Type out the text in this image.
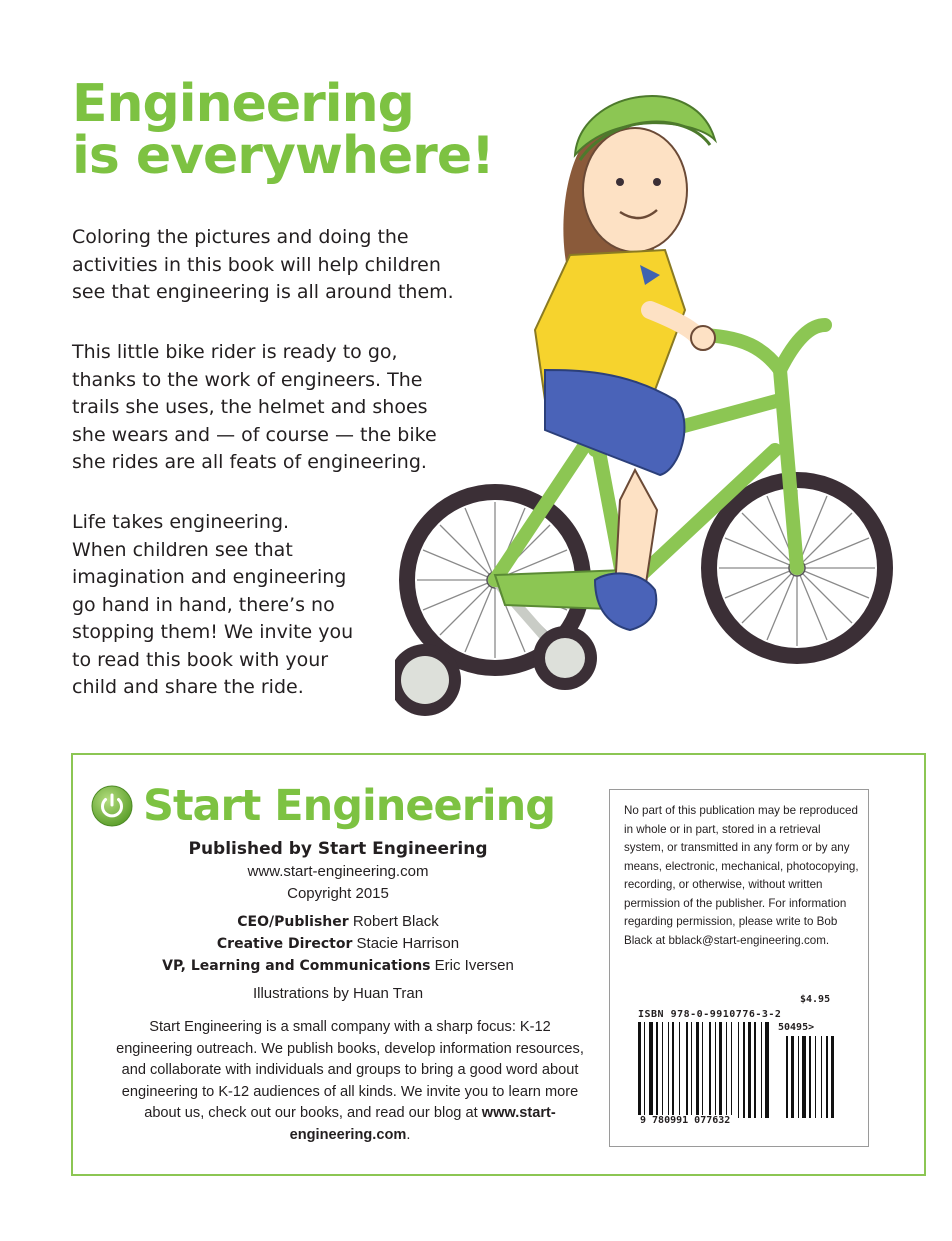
Engineering
is everywhere!

Coloring the pictures and doing the
activities in this book will help children
see that engineering is all around them.

This little bike rider is ready to go,
thanks to the work of engineers. The
trails she uses, the helmet and shoes
she wears and — of course — the bike
she rides are all feats of engineering.

Life takes engineering.
When children see that
imagination and engineering
go hand in hand, there’s no
stopping them! We invite you
to read this book with your
child and share the ride.

Start Engineering
Published by Start Engineering
www.start-engineering.com
Copyright 2015
CEO/Publisher Robert Black
Creative Director Stacie Harrison
VP, Learning and Communications Eric Iversen
Illustrations by Huan Tran
Start Engineering is a small company with a sharp focus: K-12 engineering outreach. We publish books, develop information resources, and collaborate with individuals and groups to bring a good word about engineering to K-12 audiences of all kinds. We invite you to learn more about us, check out our books, and read our blog at www.start-engineering.com.
No part of this publication may be reproduced in whole or in part, stored in a retrieval system, or transmitted in any form or by any means, electronic, mechanical, photocopying, recording, or otherwise, without written permission of the publisher. For information regarding permission, please write to Bob Black at bblack@start-engineering.com.
$4.95
ISBN 978-0-9910776-3-2
50495>
9 780991 077632
